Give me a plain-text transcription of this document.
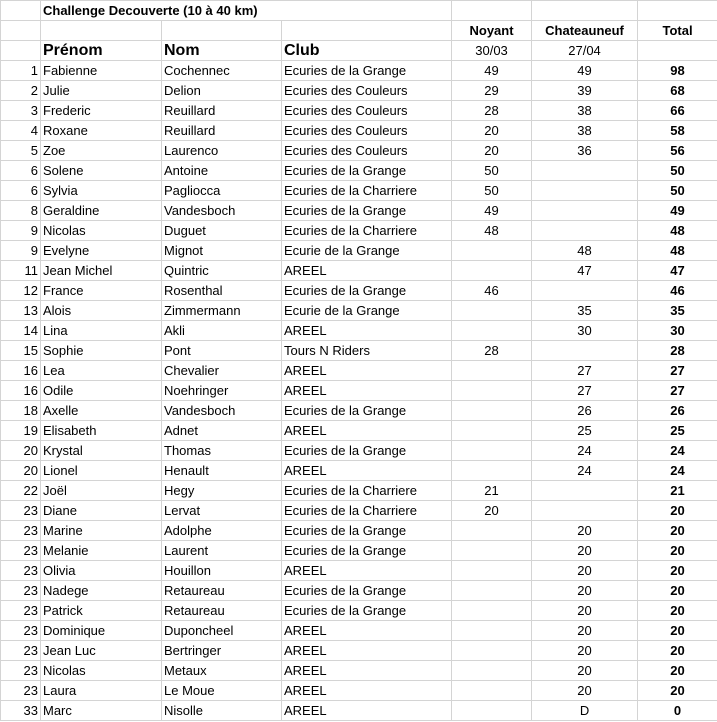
	Challenge Decouverte (10 à 40 km)					
				Noyant	Chateauneuf	Total
	Prénom	Nom	Club	30/03	27/04	
1	Fabienne	Cochennec	Ecuries de la Grange	49	49	98
2	Julie	Delion	Ecuries des Couleurs	29	39	68
3	Frederic	Reuillard	Ecuries des Couleurs	28	38	66
4	Roxane	Reuillard	Ecuries des Couleurs	20	38	58
5	Zoe	Laurenco	Ecuries des Couleurs	20	36	56
6	Solene	Antoine	Ecuries de la Grange	50		50
6	Sylvia	Pagliocca	Ecuries de la Charriere	50		50
8	Geraldine	Vandesboch	Ecuries de la Grange	49		49
9	Nicolas	Duguet	Ecuries de la Charriere	48		48
9	Evelyne	Mignot	Ecurie de la Grange		48	48
11	Jean Michel	Quintric	AREEL		47	47
12	France	Rosenthal	Ecuries de la Grange	46		46
13	Alois	Zimmermann	Ecurie de la Grange		35	35
14	Lina	Akli	AREEL		30	30
15	Sophie	Pont	Tours N Riders	28		28
16	Lea	Chevalier	AREEL		27	27
16	Odile	Noehringer	AREEL		27	27
18	Axelle	Vandesboch	Ecuries de la Grange		26	26
19	Elisabeth	Adnet	AREEL		25	25
20	Krystal	Thomas	Ecuries de la Grange		24	24
20	Lionel	Henault	AREEL		24	24
22	Joël	Hegy	Ecuries de la Charriere	21		21
23	Diane	Lervat	Ecuries de la Charriere	20		20
23	Marine	Adolphe	Ecuries de la Grange		20	20
23	Melanie	Laurent	Ecuries de la Grange		20	20
23	Olivia	Houillon	AREEL		20	20
23	Nadege	Retaureau	Ecuries de la Grange		20	20
23	Patrick	Retaureau	Ecuries de la Grange		20	20
23	Dominique	Duponcheel	AREEL		20	20
23	Jean Luc	Bertringer	AREEL		20	20
23	Nicolas	Metaux	AREEL		20	20
23	Laura	Le Moue	AREEL		20	20
33	Marc	Nisolle	AREEL		D	0
